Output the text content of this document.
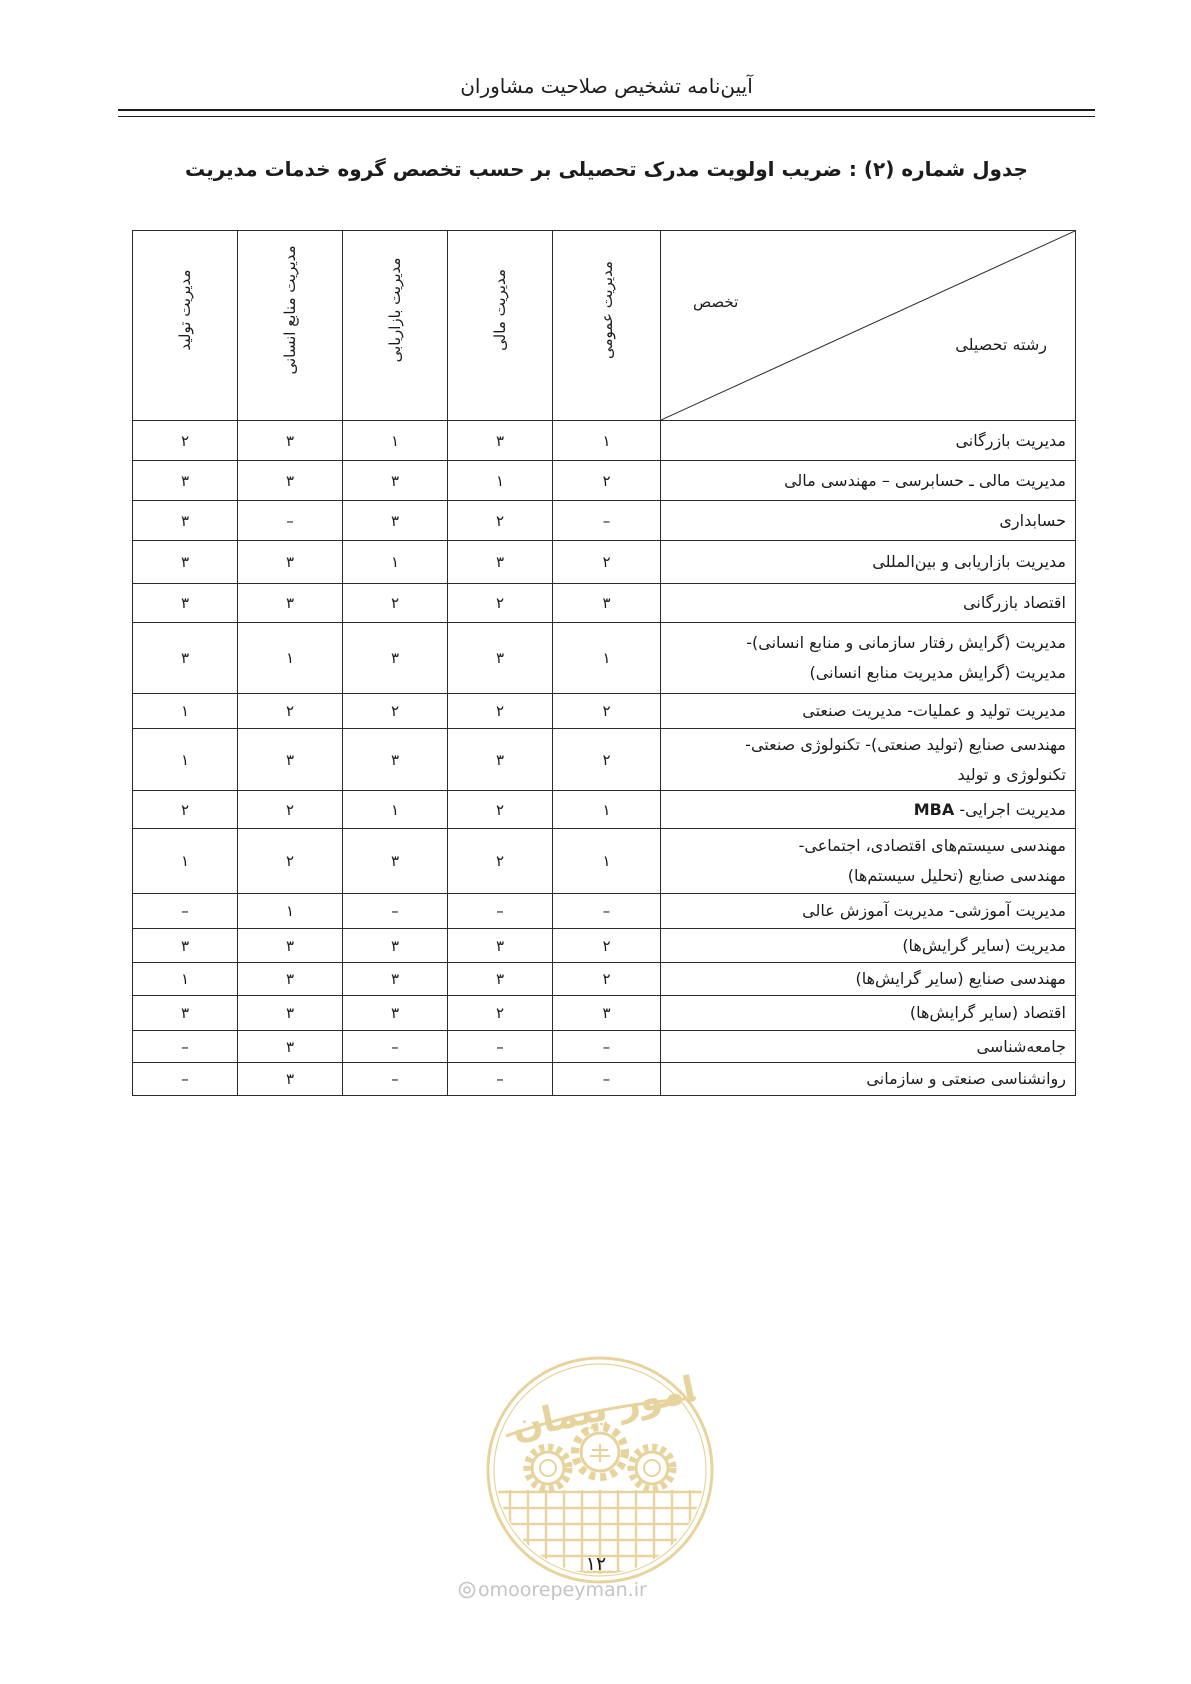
آیین‌نامه تشخیص صلاحیت مشاوران
جدول شماره (۲) : ضریب اولویت مدرک تحصیلی بر حسب تخصص گروه خدمات مدیریت
تخصص
رشته تحصیلی	مدیریت عمومی	مدیریت مالی	مدیریت بازاریابی	مدیریت منابع انسانی	مدیریت تولید

مدیریت بازرگانی	۱	۳	۱	۳	۲

مدیریت مالی ـ حسابرسی – مهندسی مالی	۲	۱	۳	۳	۳

حسابداری	–	۲	۳	–	۳

مدیریت بازاریابی و بین‌المللی	۲	۳	۱	۳	۳

اقتصاد بازرگانی	۳	۲	۲	۳	۳

مدیریت (گرایش رفتار سازمانی و منابع انسانی)-
مدیریت (گرایش مدیریت منابع انسانی)	۱	۳	۳	۱	۳

مدیریت تولید و عملیات- مدیریت صنعتی	۲	۲	۲	۲	۱

مهندسی صنایع (تولید صنعتی)- تکنولوژی صنعتی-
تکنولوژی و تولید	۲	۳	۳	۳	۱

مدیریت اجرایی- MBA	۱	۲	۱	۲	۲

مهندسی سیستم‌های اقتصادی، اجتماعی-
مهندسی صنایع (تحلیل سیستم‌ها)	۱	۲	۳	۲	۱

مدیریت آموزشی- مدیریت آموزش عالی	–	–	–	۱	–

مدیریت (سایر گرایش‌ها)	۲	۳	۳	۳	۳

مهندسی صنایع (سایر گرایش‌ها)	۲	۳	۳	۳	۱

اقتصاد (سایر گرایش‌ها)	۳	۲	۳	۳	۳

جامعه‌شناسی	–	–	–	۳	–

روانشناسی صنعتی و سازمانی	–	–	–	۳	–
امور پیمان
۱۲
omoorepeyman.ir
